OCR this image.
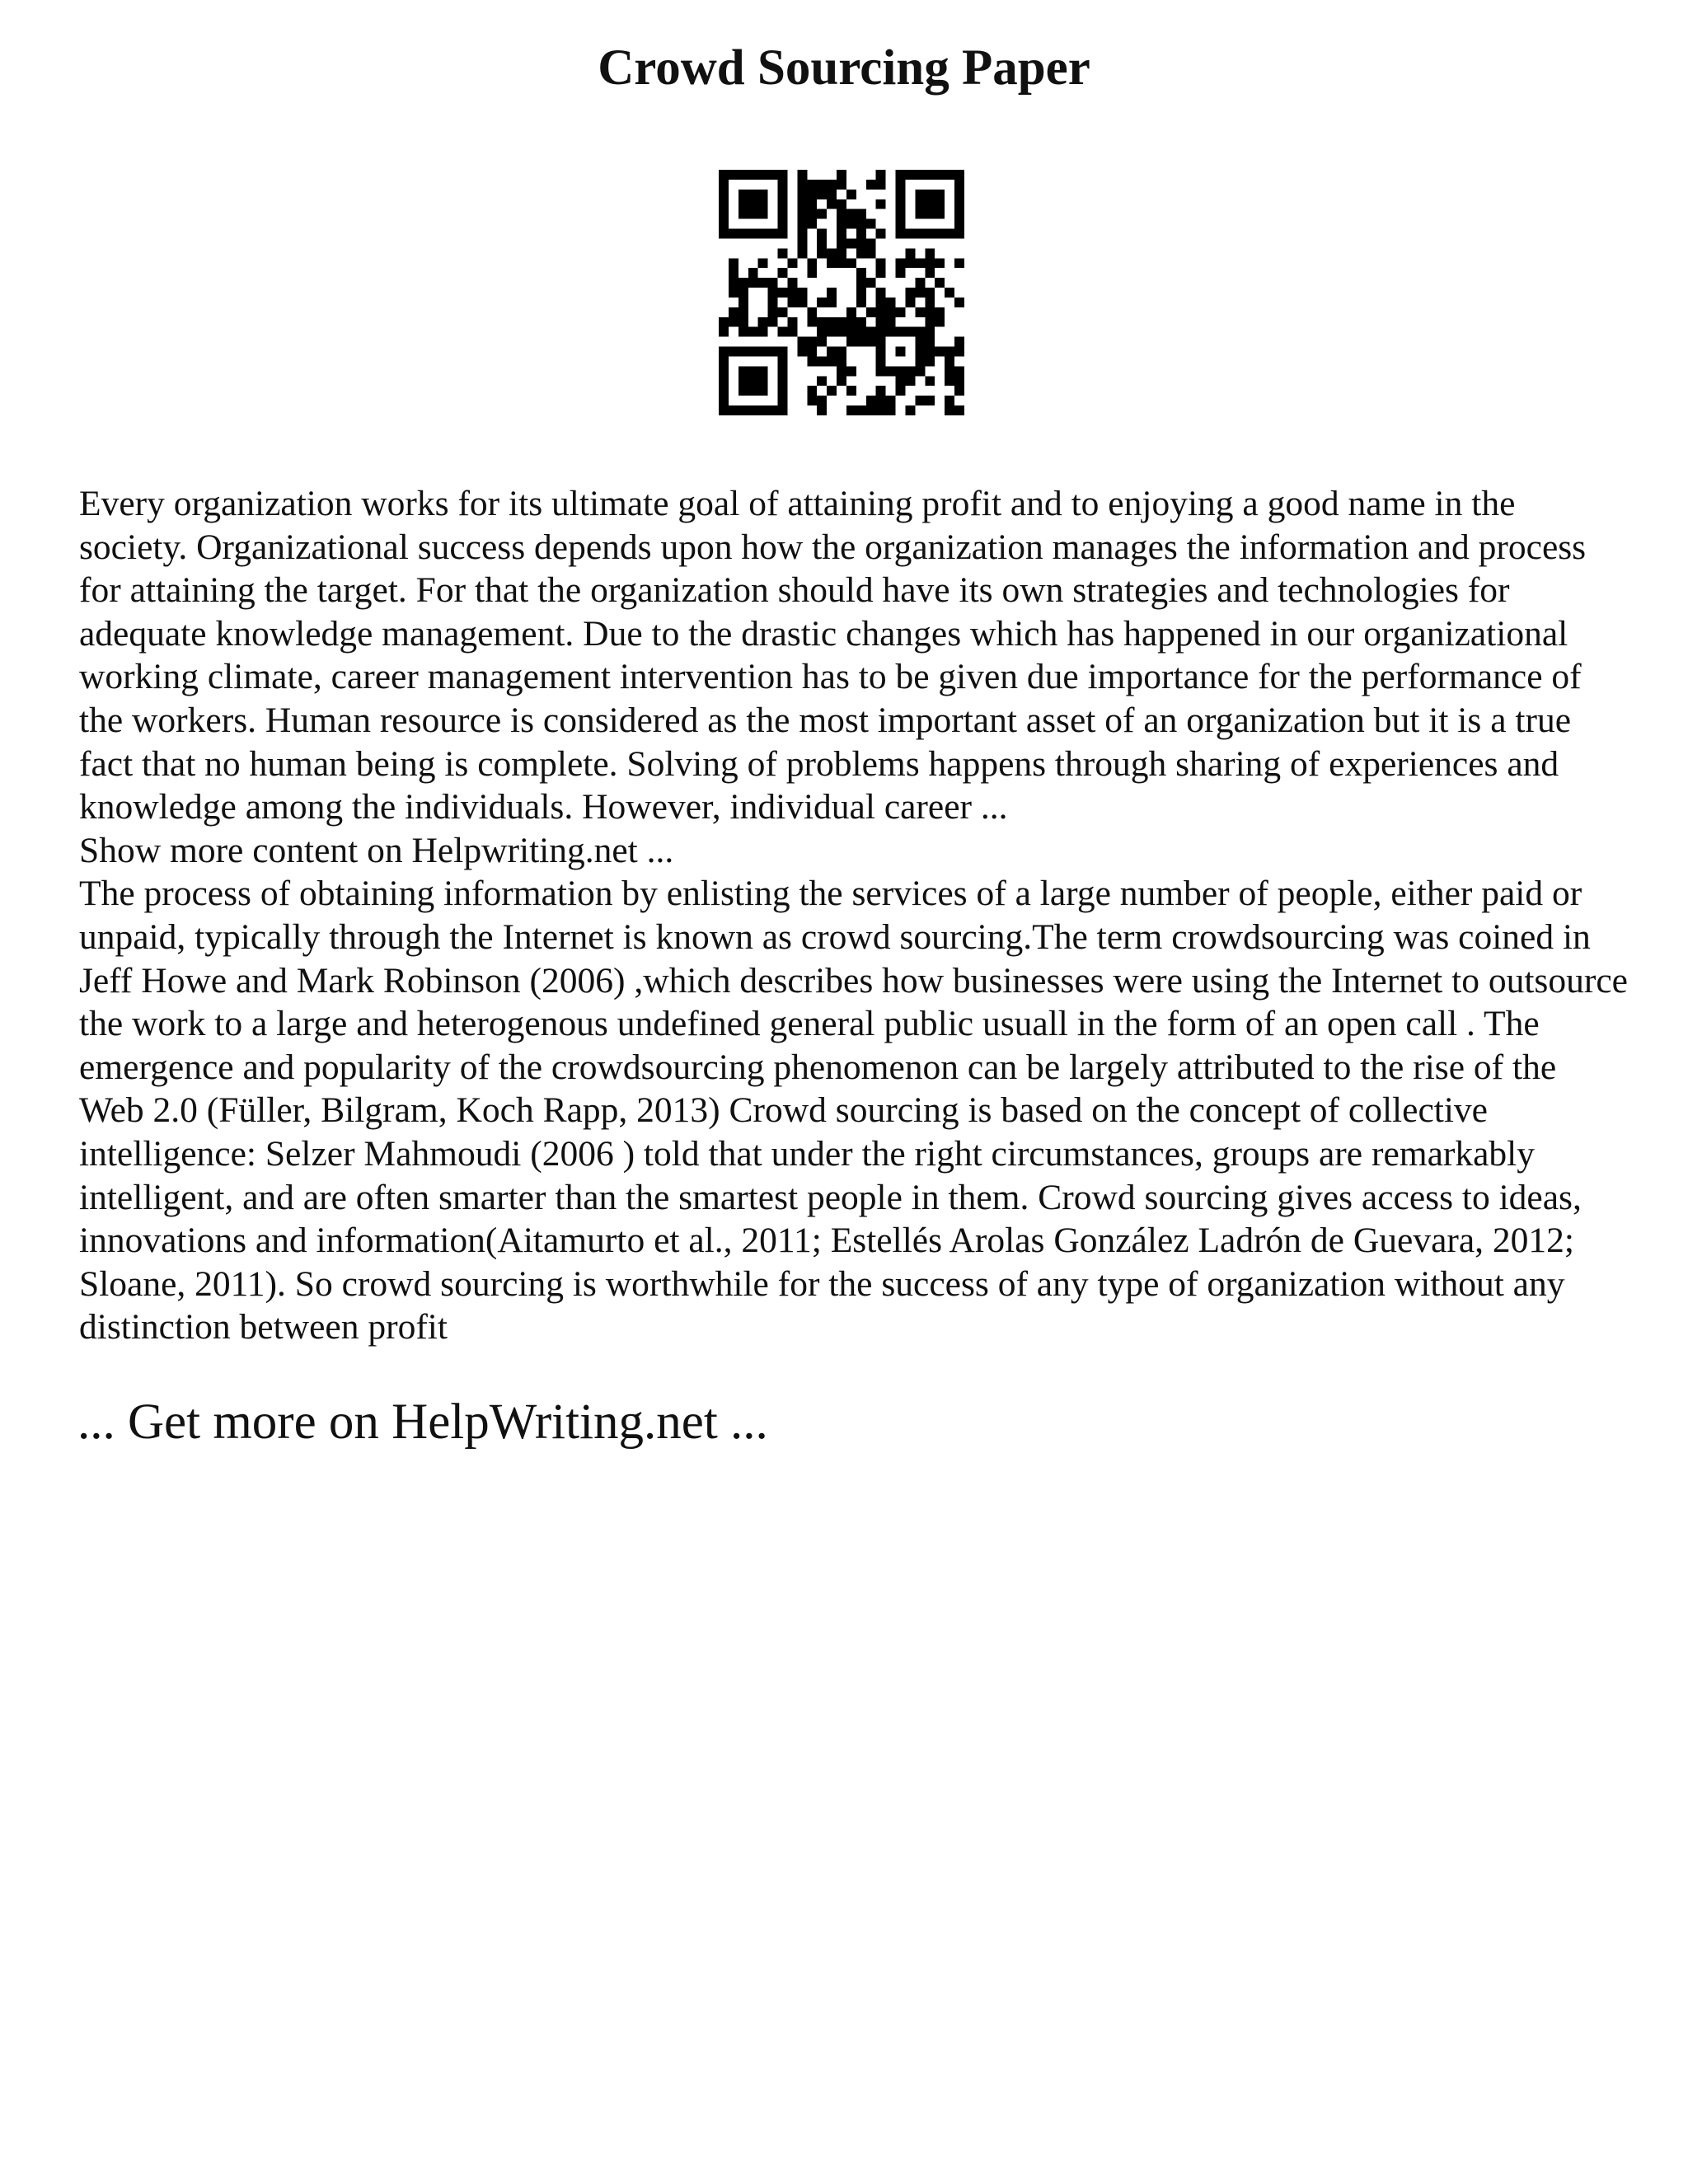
Crowd Sourcing Paper

Every organization works for its ultimate goal of attaining profit and to enjoying a good name in the society. Organizational success depends upon how the organization manages the information and process for attaining the target. For that the organization should have its own strategies and technologies for adequate knowledge management. Due to the drastic changes which has happened in our organizational working climate, career management intervention has to be given due importance for the performance of the workers. Human resource is considered as the most important asset of an organization but it is a true fact that no human being is complete. Solving of problems happens through sharing of experiences and knowledge among the individuals. However, individual career ...

Show more content on Helpwriting.net ...

The process of obtaining information by enlisting the services of a large number of people, either paid or unpaid, typically through the Internet is known as crowd sourcing.The term crowdsourcing was coined in Jeff Howe and Mark Robinson (2006) ,which describes how businesses were using the Internet to outsource the work to a large and heterogenous undefined general public usuall in the form of an open call . The emergence and popularity of the crowdsourcing phenomenon can be largely attributed to the rise of the Web 2.0 (Füller, Bilgram, Koch Rapp, 2013) Crowd sourcing is based on the concept of collective intelligence: Selzer Mahmoudi (2006 ) told that under the right circumstances, groups are remarkably intelligent, and are often smarter than the smartest people in them. Crowd sourcing gives access to ideas, innovations and information(Aitamurto et al., 2011; Estellés Arolas González Ladrón de Guevara, 2012; Sloane, 2011). So crowd sourcing is worthwhile for the success of any type of organization without any distinction between profit

... Get more on HelpWriting.net ...
